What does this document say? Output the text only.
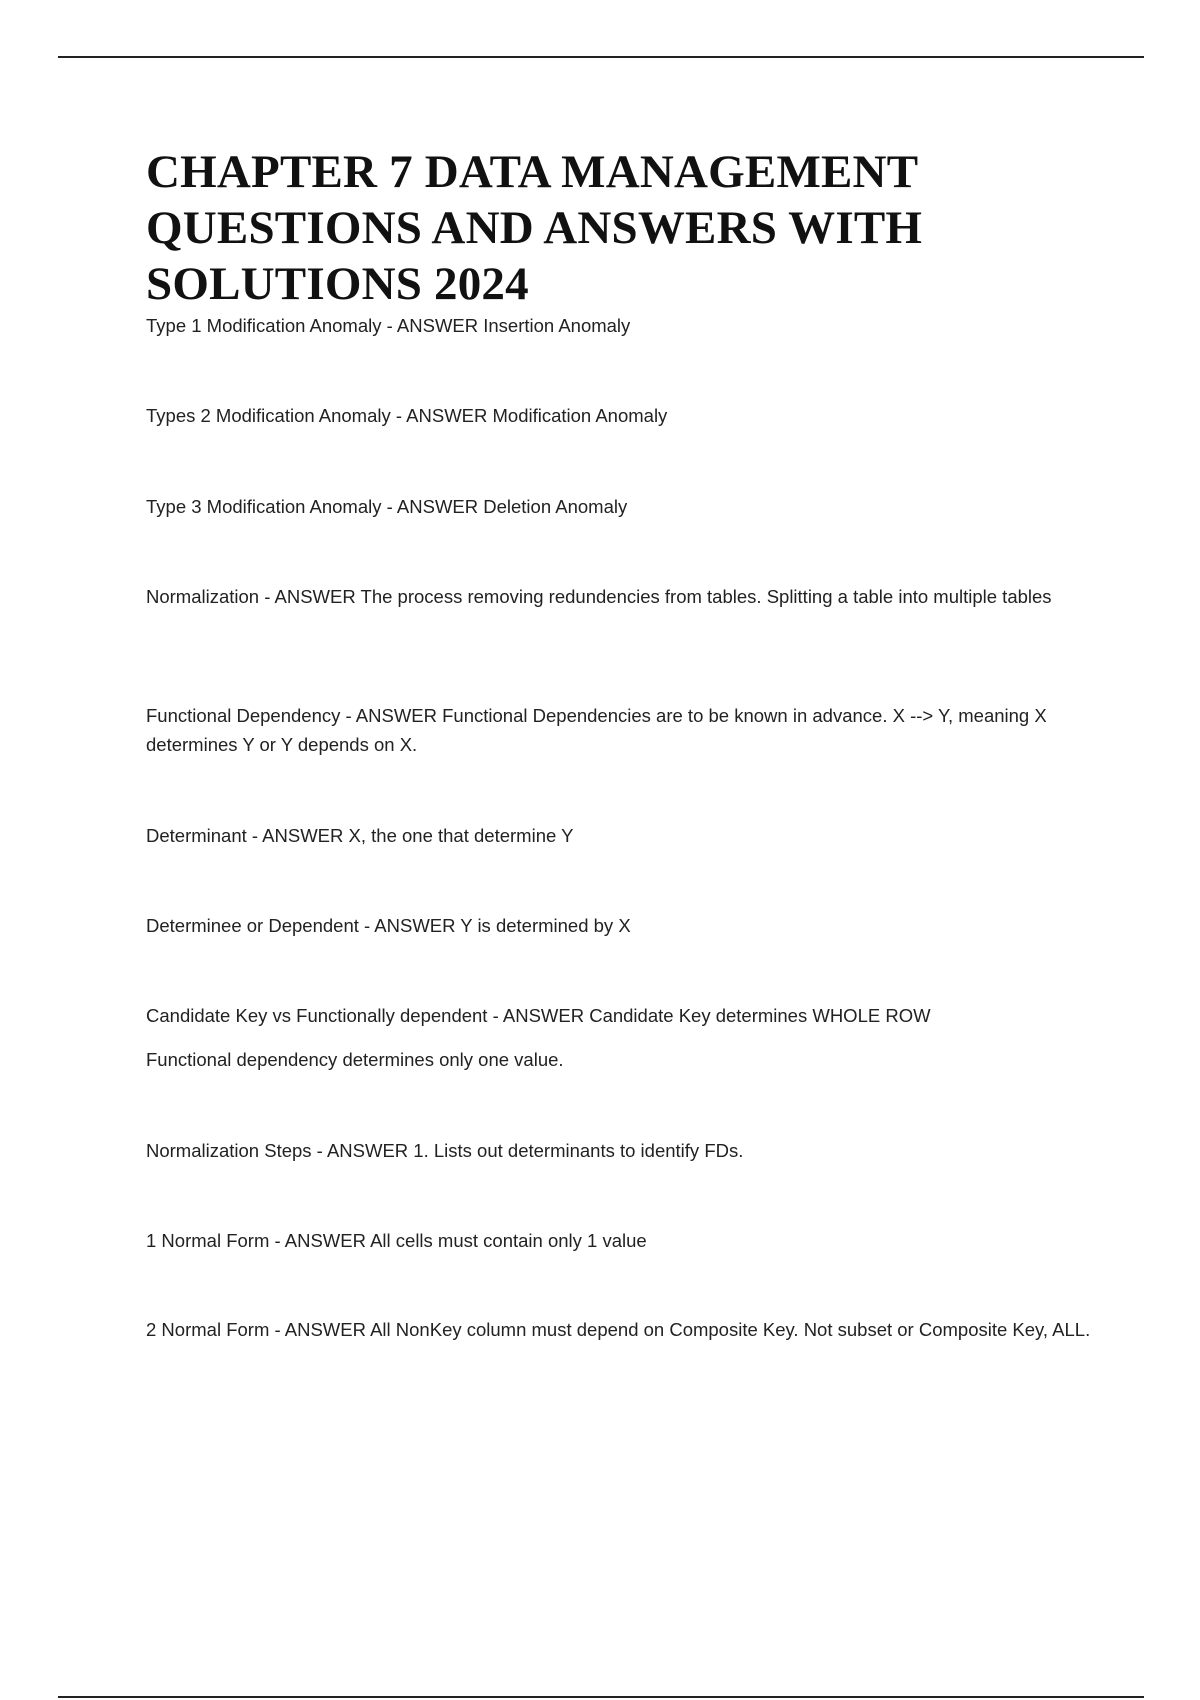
CHAPTER 7 DATA MANAGEMENT QUESTIONS AND ANSWERS WITH SOLUTIONS 2024

Type 1 Modification Anomaly - ANSWER Insertion Anomaly

Types 2 Modification Anomaly - ANSWER Modification Anomaly

Type 3 Modification Anomaly - ANSWER Deletion Anomaly

Normalization - ANSWER The process removing redundencies from tables. Splitting a table into multiple tables

Functional Dependency - ANSWER Functional Dependencies are to be known in advance. X --> Y, meaning X determines Y or Y depends on X.

Determinant - ANSWER X, the one that determine Y

Determinee or Dependent - ANSWER Y is determined by X

Candidate Key vs Functionally dependent - ANSWER Candidate Key determines WHOLE ROW

Functional dependency determines only one value.

Normalization Steps - ANSWER 1. Lists out determinants to identify FDs.

1 Normal Form - ANSWER All cells must contain only 1 value

2 Normal Form - ANSWER All NonKey column must depend on Composite Key. Not subset or Composite Key, ALL.
